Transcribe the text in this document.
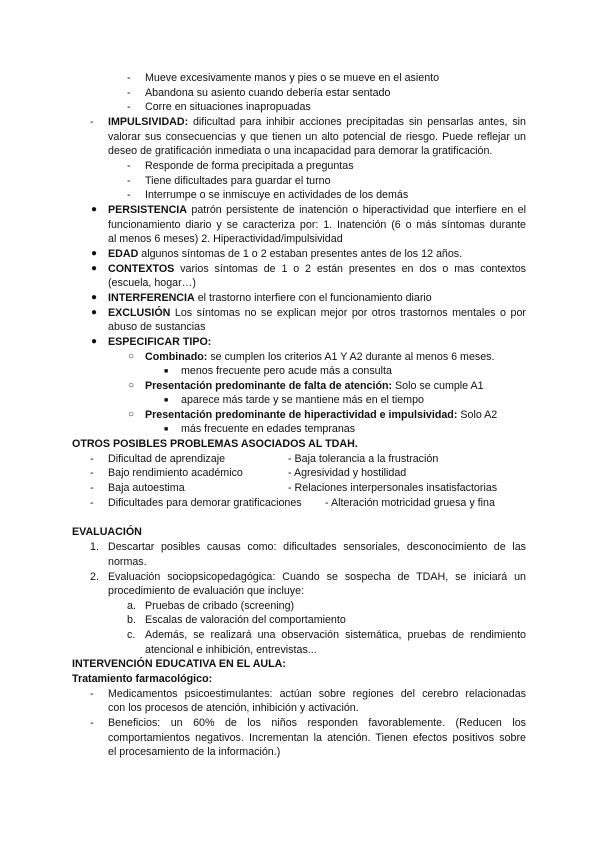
- Mueve excesivamente manos y pies o se mueve en el asiento
- Abandona su asiento cuando debería estar sentado
- Corre en situaciones inapropuadas
- IMPULSIVIDAD: dificultad para inhibir acciones precipitadas sin pensarlas antes, sin
valorar sus consecuencias y que tienen un alto potencial de riesgo. Puede reflejar un
deseo de gratificación inmediata o una incapacidad para demorar la gratificación.
- Responde de forma precipitada a preguntas
- Tiene dificultades para guardar el turno
- Interrumpe o se inmiscuye en actividades de los demás
● PERSISTENCIA patrón persistente de inatención o hiperactividad que interfiere en el
funcionamiento diario y se caracteriza por: 1. Inatención (6 o más síntomas durante
al menos 6 meses) 2. Hiperactividad/impulsividad
● EDAD algunos síntomas de 1 o 2 estaban presentes antes de los 12 años.
● CONTEXTOS varios síntomas de 1 o 2 están presentes en dos o mas contextos
(escuela, hogar…)
● INTERFERENCIA el trastorno interfiere con el funcionamiento diario
● EXCLUSIÓN Los síntomas no se explican mejor por otros trastornos mentales o por
abuso de sustancias
● ESPECIFICAR TIPO:
○ Combinado: se cumplen los criterios A1 Y A2 durante al menos 6 meses.
■ menos frecuente pero acude más a consulta
○ Presentación predominante de falta de atención: Solo se cumple A1
■ aparece más tarde y se mantiene más en el tiempo
○ Presentación predominante de hiperactividad e impulsividad: Solo A2
■ más frecuente en edades tempranas
OTROS POSIBLES PROBLEMAS ASOCIADOS AL TDAH.
- Dificultad de aprendizaje	- Baja tolerancia a la frustración
- Bajo rendimiento académico	- Agresividad y hostilidad
- Baja autoestima	- Relaciones interpersonales insatisfactorias
- Dificultades para demorar gratificaciones - Alteración motricidad gruesa y fina
EVALUACIÓN
1. Descartar posibles causas como: dificultades sensoriales, desconocimiento de las
normas.
2. Evaluación sociopsicopedagógica: Cuando se sospecha de TDAH, se iniciará un
procedimiento de evaluación que incluye:
a. Pruebas de cribado (screening)
b. Escalas de valoración del comportamiento
c. Además, se realizará una observación sistemática, pruebas de rendimiento
atencional e inhibición, entrevistas...
INTERVENCIÓN EDUCATIVA EN EL AULA:
Tratamiento farmacológico:
- Medicamentos psicoestimulantes: actúan sobre regiones del cerebro relacionadas
con los procesos de atención, inhibición y activación.
- Beneficios: un 60% de los niños responden favorablemente. (Reducen los
comportamientos negativos. Incrementan la atención. Tienen efectos positivos sobre
el procesamiento de la información.)
